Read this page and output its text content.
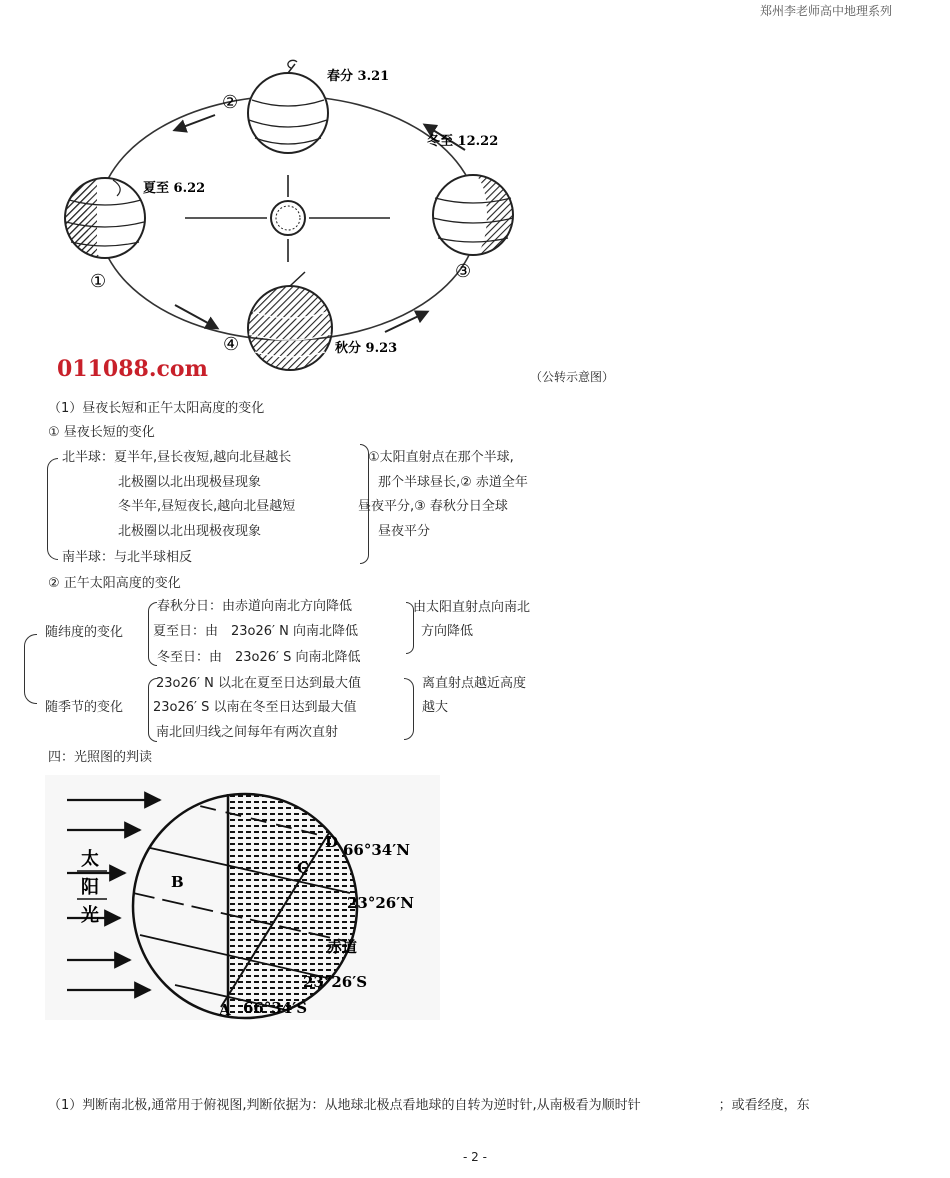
郑州李老师高中地理系列
春分 3.21
②
夏至 6.22
①
冬至 12.22
③
秋分 9.23
④
011088.com	（公转示意图）
（1）昼夜长短和正午太阳高度的变化
① 昼夜长短的变化
北半球：夏半年,昼长夜短,越向北昼越长
北极圈以北出现极昼现象
冬半年,昼短夜长,越向北昼越短
北极圈以北出现极夜现象
南半球：与北半球相反
①太阳直射点在那个半球,
那个半球昼长,② 赤道全年
昼夜平分,③ 春秋分日全球
昼夜平分
② 正午太阳高度的变化
随纬度的变化
春秋分日：由赤道向南北方向降低
夏至日：由　23o26′ N 向南北降低
冬至日：由　23o26′ S 向南北降低
由太阳直射点向南北
方向降低
随季节的变化
23o26′ N 以北在夏至日达到最大值
23o26′ S 以南在冬至日达到最大值
南北回归线之间每年有两次直射
离直射点越近高度
越大
四：光照图的判读
太
阳
光
B
C
D
A
66°34′N
23°26′N
赤道
23°26′S
66°34′S
（1）判断南北极,通常用于俯视图,判断依据为：从地球北极点看地球的自转为逆时针,从南极看为顺时针　　　　　　；或看经度，东
- 2 -
